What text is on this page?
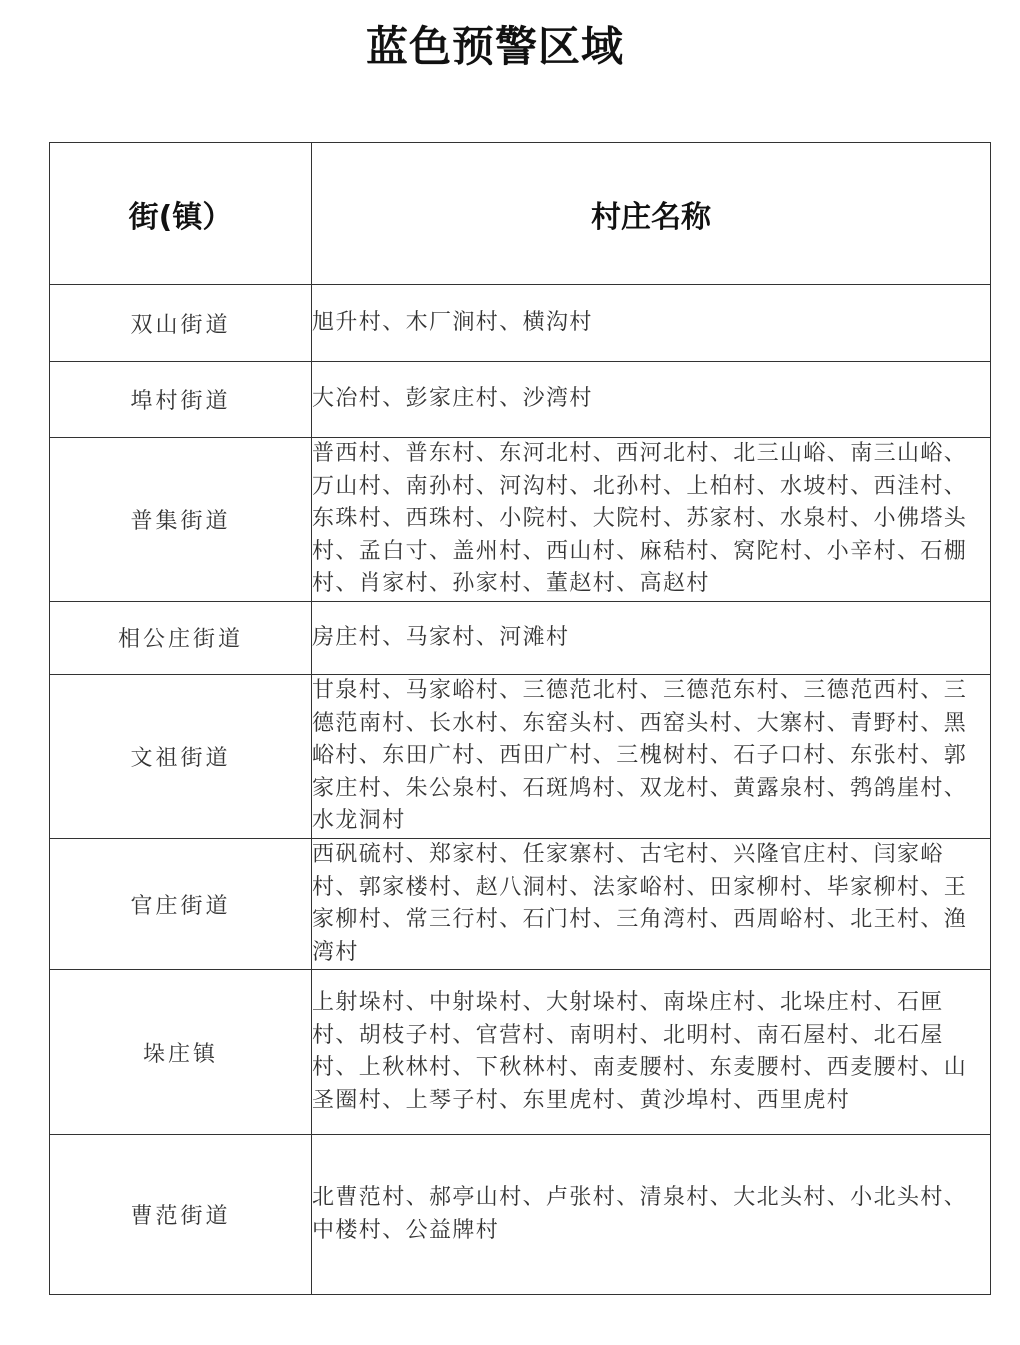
蓝色预警区域
街(镇）	村庄名称
双山街道	旭升村、木厂涧村、横沟村

埠村街道	大冶村、彭家庄村、沙湾村

普集街道	普西村、普东村、东河北村、西河北村、北三山峪、南三山峪、万山村、南孙村、河沟村、北孙村、上柏村、水坡村、西洼村、东珠村、西珠村、小院村、大院村、苏家村、水泉村、小佛塔头村、孟白寸、盖州村、西山村、麻秸村、窝陀村、小辛村、石棚村、肖家村、孙家村、董赵村、高赵村

相公庄街道	房庄村、马家村、河滩村

文祖街道	甘泉村、马家峪村、三德范北村、三德范东村、三德范西村、三德范南村、长水村、东窑头村、西窑头村、大寨村、青野村、黑峪村、东田广村、西田广村、三槐树村、石子口村、东张村、郭家庄村、朱公泉村、石斑鸠村、双龙村、黄露泉村、鹁鸽崖村、水龙洞村

官庄街道	西矾硫村、郑家村、任家寨村、古宅村、兴隆官庄村、闫家峪村、郭家楼村、赵八洞村、法家峪村、田家柳村、毕家柳村、王家柳村、常三行村、石门村、三角湾村、西周峪村、北王村、渔湾村

垛庄镇	上射垛村、中射垛村、大射垛村、南垛庄村、北垛庄村、石匣村、胡枝子村、官营村、南明村、北明村、南石屋村、北石屋村、上秋林村、下秋林村、南麦腰村、东麦腰村、西麦腰村、山圣圈村、上琴子村、东里虎村、黄沙埠村、西里虎村

曹范街道	北曹范村、郝亭山村、卢张村、清泉村、大北头村、小北头村、中楼村、公益牌村
